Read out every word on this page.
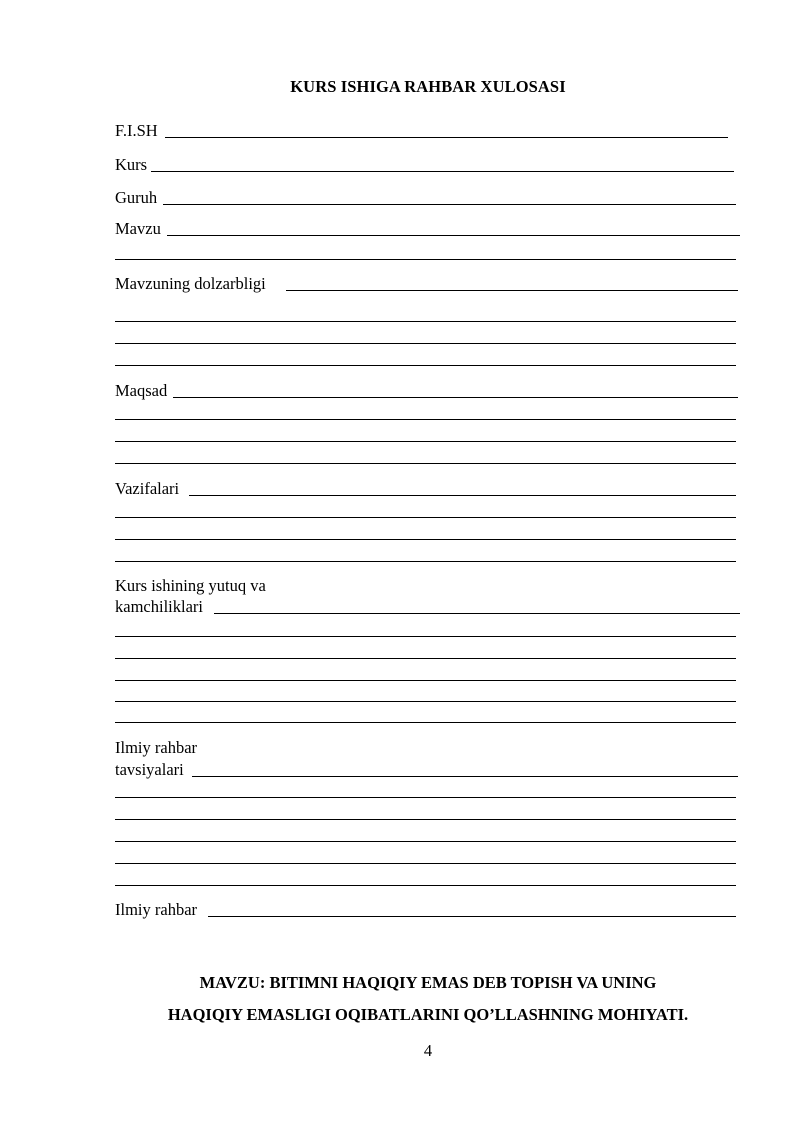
KURS ISHIGA RAHBAR XULOSASI
F.I.SH
Kurs
Guruh
Mavzu
Mavzuning dolzarbligi
Maqsad
Vazifalari
Kurs ishining yutuq va
kamchiliklari
Ilmiy rahbar
tavsiyalari
Ilmiy rahbar
MAVZU: BITIMNI HAQIQIY EMAS DEB TOPISH VA UNING
HAQIQIY EMASLIGI OQIBATLARINI QO’LLASHNING MOHIYATI.
4
